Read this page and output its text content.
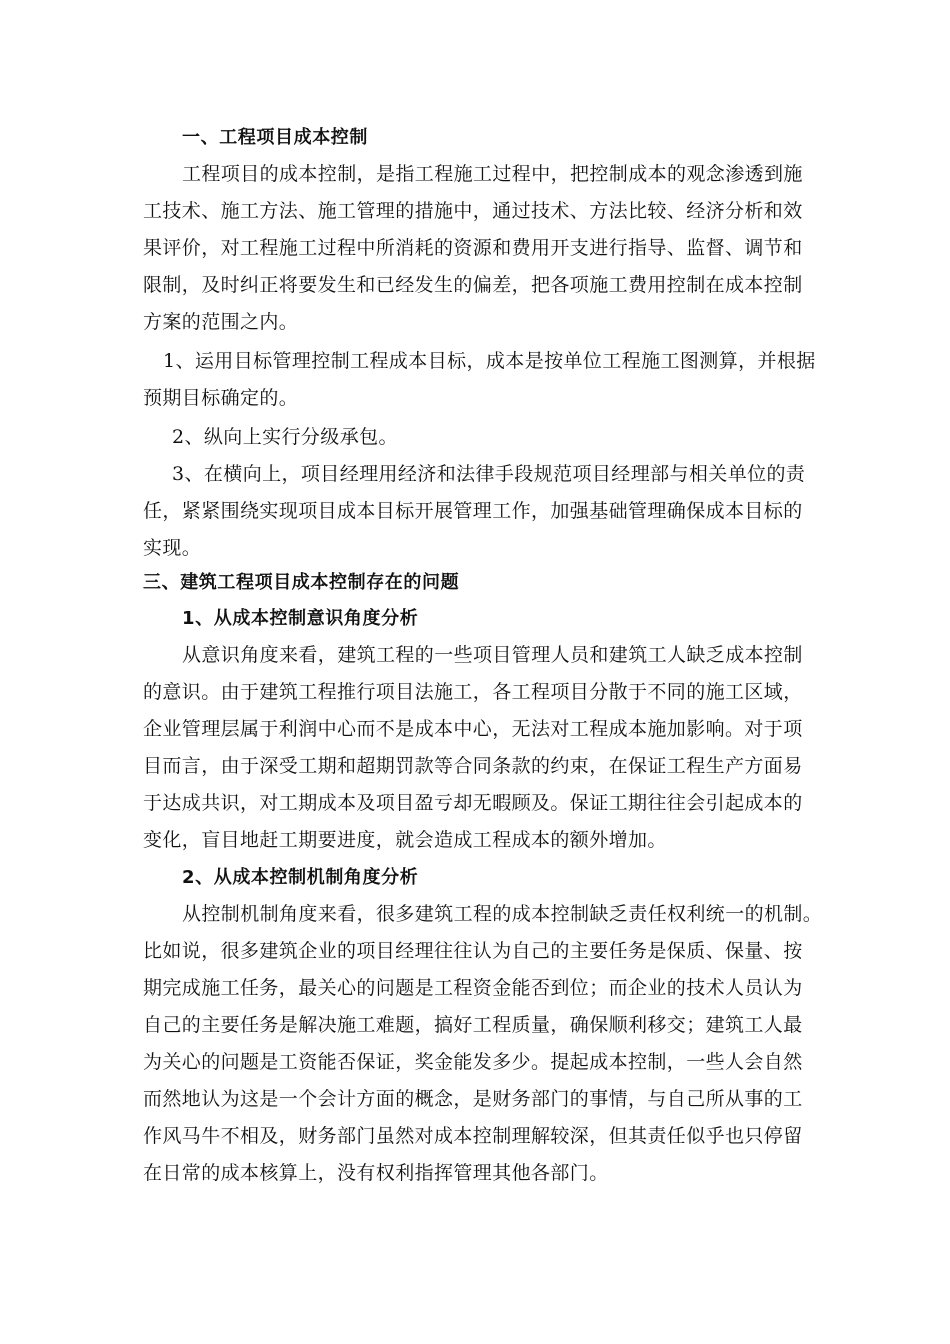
一、工程项目成本控制
工程项目的成本控制，是指工程施工过程中，把控制成本的观念渗透到施
工技术、施工方法、施工管理的措施中，通过技术、方法比较、经济分析和效
果评价，对工程施工过程中所消耗的资源和费用开支进行指导、监督、调节和
限制，及时纠正将要发生和已经发生的偏差，把各项施工费用控制在成本控制
方案的范围之内。
1、运用目标管理控制工程成本目标，成本是按单位工程施工图测算，并根据
预期目标确定的。
2、纵向上实行分级承包。
3、在横向上，项目经理用经济和法律手段规范项目经理部与相关单位的责
任，紧紧围绕实现项目成本目标开展管理工作，加强基础管理确保成本目标的
实现。
三、建筑工程项目成本控制存在的问题
1、从成本控制意识角度分析
从意识角度来看，建筑工程的一些项目管理人员和建筑工人缺乏成本控制
的意识。由于建筑工程推行项目法施工，各工程项目分散于不同的施工区域，
企业管理层属于利润中心而不是成本中心，无法对工程成本施加影响。对于项
目而言，由于深受工期和超期罚款等合同条款的约束，在保证工程生产方面易
于达成共识，对工期成本及项目盈亏却无暇顾及。保证工期往往会引起成本的
变化，盲目地赶工期要进度，就会造成工程成本的额外增加。
2、从成本控制机制角度分析
从控制机制角度来看，很多建筑工程的成本控制缺乏责任权利统一的机制。
比如说，很多建筑企业的项目经理往往认为自己的主要任务是保质、保量、按
期完成施工任务，最关心的问题是工程资金能否到位；而企业的技术人员认为
自己的主要任务是解决施工难题，搞好工程质量，确保顺利移交；建筑工人最
为关心的问题是工资能否保证，奖金能发多少。提起成本控制，一些人会自然
而然地认为这是一个会计方面的概念，是财务部门的事情，与自己所从事的工
作风马牛不相及，财务部门虽然对成本控制理解较深，但其责任似乎也只停留
在日常的成本核算上，没有权利指挥管理其他各部门。
